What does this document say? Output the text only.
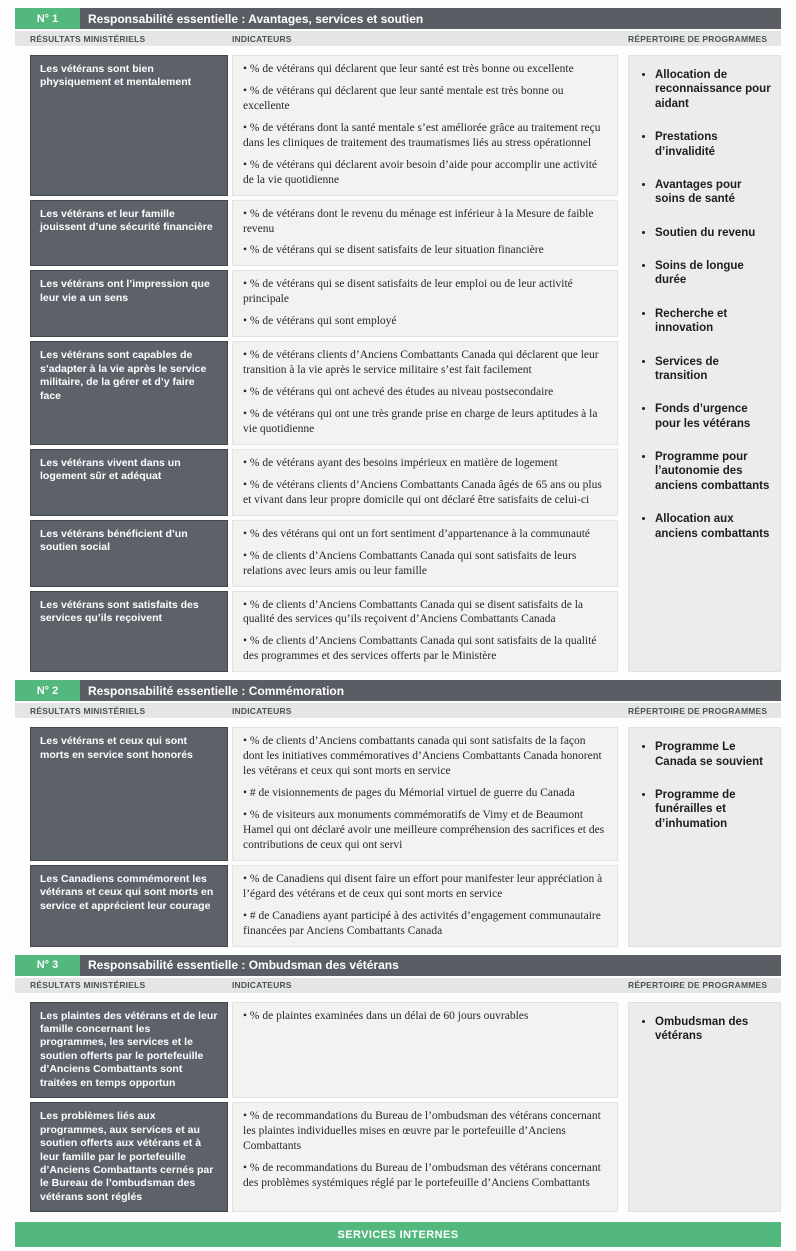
N° 1	Responsabilité essentielle : Avantages, services et soutien
RÉSULTATS MINISTÉRIELS	INDICATEURS	RÉPERTOIRE DE PROGRAMMES
Les vétérans sont bien physiquement et mentalement

• % de vétérans qui déclarent que leur santé est très bonne ou excellente

• % de vétérans qui déclarent que leur santé mentale est très bonne ou excellente

• % de vétérans dont la santé mentale s’est améliorée grâce au traitement reçu dans les cliniques de traitement des traumatismes liés au stress opérationnel

• % de vétérans qui déclarent avoir besoin d’aide pour accomplir une activité de la vie quotidienne

Les vétérans et leur famille jouissent d’une sécurité financière

• % de vétérans dont le revenu du ménage est inférieur à la Mesure de faible revenu

• % de vétérans qui se disent satisfaits de leur situation financière

Les vétérans ont l’impression que leur vie a un sens

• % de vétérans qui se disent satisfaits de leur emploi ou de leur activité principale

• % de vétérans qui sont employé

Les vétérans sont capables de s’adapter à la vie après le service militaire, de la gérer et d’y faire face

• % de vétérans clients d’Anciens Combattants Canada qui déclarent que leur transition à la vie après le service militaire s’est fait facilement

• % de vétérans qui ont achevé des études au niveau postsecondaire

• % de vétérans qui ont une très grande prise en charge de leurs aptitudes à la vie quotidienne

Les vétérans vivent dans un logement sûr et adéquat

• % de vétérans ayant des besoins impérieux en matière de logement

• % de vétérans clients d’Anciens Combattants Canada âgés de 65 ans ou plus et vivant dans leur propre domicile qui ont déclaré être satisfaits de celui-ci

Les vétérans bénéficient d’un soutien social

• % des vétérans qui ont un fort sentiment d’appartenance à la communauté

• % de clients d’Anciens Combattants Canada qui sont satisfaits de leurs relations avec leurs amis ou leur famille

Les vétérans sont satisfaits des services qu’ils reçoivent

• % de clients d’Anciens Combattants Canada qui se disent satisfaits de la qualité des services qu’ils reçoivent d’Anciens Combattants Canada

• % de clients d’Anciens Combattants Canada qui sont satisfaits de la qualité des programmes et des services offerts par le Ministère

• Allocation de reconnaissance pour aidant
• Prestations d’invalidité
• Avantages pour soins de santé
• Soutien du revenu
• Soins de longue durée
• Recherche et innovation
• Services de transition
• Fonds d’urgence pour les vétérans
• Programme pour l’autonomie des anciens combattants
• Allocation aux anciens combattants
N° 2	Responsabilité essentielle : Commémoration
RÉSULTATS MINISTÉRIELS	INDICATEURS	RÉPERTOIRE DE PROGRAMMES
Les vétérans et ceux qui sont morts en service sont honorés

• % de clients d’Anciens combattants canada qui sont satisfaits de la façon dont les initiatives commémoratives d’Anciens Combattants Canada honorent les vétérans et ceux qui sont morts en service

• # de visionnements de pages du Mémorial virtuel de guerre du Canada

• % de visiteurs aux monuments commémoratifs de Vimy et de Beaumont Hamel qui ont déclaré avoir une meilleure compréhension des sacrifices et des contributions de ceux qui ont servi

Les Canadiens commémorent les vétérans et ceux qui sont morts en service et apprécient leur courage

• % de Canadiens qui disent faire un effort pour manifester leur appréciation à l’égard des vétérans et de ceux qui sont morts en service

• # de Canadiens ayant participé à des activités d’engagement communautaire financées par Anciens Combattants Canada

• Programme Le Canada se souvient
• Programme de funérailles et d’inhumation
N° 3	Responsabilité essentielle : Ombudsman des vétérans
RÉSULTATS MINISTÉRIELS	INDICATEURS	RÉPERTOIRE DE PROGRAMMES
Les plaintes des vétérans et de leur famille concernant les programmes, les services et le soutien offerts par le portefeuille d’Anciens Combattants sont traitées en temps opportun

• % de plaintes examinées dans un délai de 60 jours ouvrables

Les problèmes liés aux programmes, aux services et au soutien offerts aux vétérans et à leur famille par le portefeuille d’Anciens Combattants cernés par le Bureau de l’ombudsman des vétérans sont réglés

• % de recommandations du Bureau de l’ombudsman des vétérans concernant les plaintes individuelles mises en œuvre par le portefeuille d’Anciens Combattants

• % de recommandations du Bureau de l’ombudsman des vétérans concernant des problèmes systémiques réglé par le portefeuille d’Anciens Combattants

• Ombudsman des vétérans
SERVICES INTERNES
